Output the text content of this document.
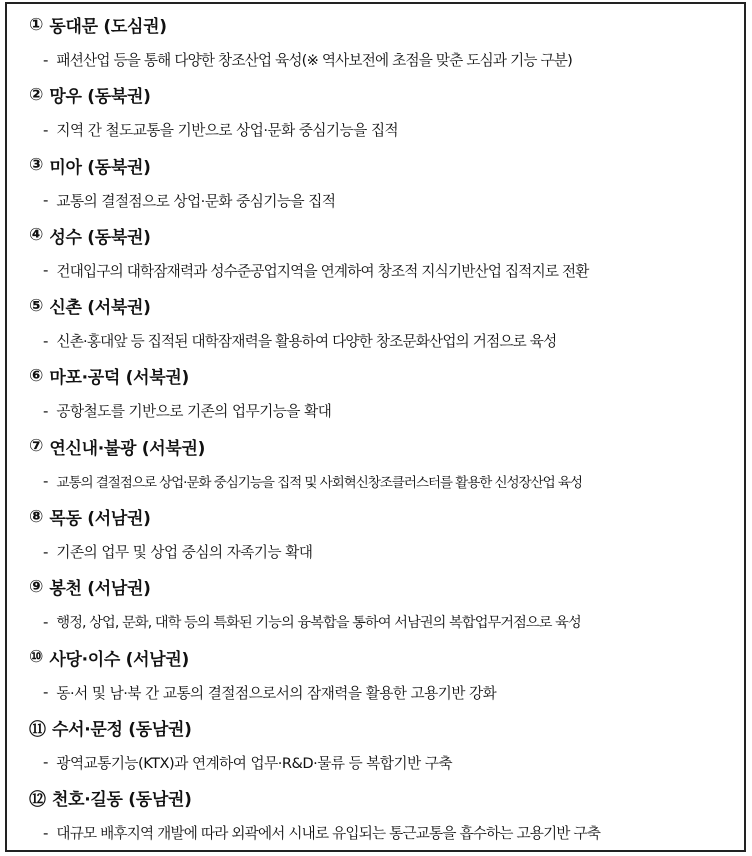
① 동대문 (도심권)
- 패션산업 등을 통해 다양한 창조산업 육성(※ 역사보전에 초점을 맞춘 도심과 기능 구분)
② 망우 (동북권)
- 지역 간 철도교통을 기반으로 상업·문화 중심기능을 집적
③ 미아 (동북권)
- 교통의 결절점으로 상업·문화 중심기능을 집적
④ 성수 (동북권)
- 건대입구의 대학잠재력과 성수준공업지역을 연계하여 창조적 지식기반산업 집적지로 전환
⑤ 신촌 (서북권)
- 신촌·홍대앞 등 집적된 대학잠재력을 활용하여 다양한 창조문화산업의 거점으로 육성
⑥ 마포·공덕 (서북권)
- 공항철도를 기반으로 기존의 업무기능을 확대
⑦ 연신내·불광 (서북권)
- 교통의 결절점으로 상업·문화 중심기능을 집적 및 사회혁신창조클러스터를 활용한 신성장산업 육성
⑧ 목동 (서남권)
- 기존의 업무 및 상업 중심의 자족기능 확대
⑨ 봉천 (서남권)
- 행정, 상업, 문화, 대학 등의 특화된 기능의 융복합을 통하여 서남권의 복합업무거점으로 육성
⑩ 사당·이수 (서남권)
- 동·서 및 남·북 간 교통의 결절점으로서의 잠재력을 활용한 고용기반 강화
⑪ 수서·문정 (동남권)
- 광역교통기능(KTX)과 연계하여 업무·R&D·물류 등 복합기반 구축
⑫ 천호·길동 (동남권)
- 대규모 배후지역 개발에 따라 외곽에서 시내로 유입되는 통근교통을 흡수하는 고용기반 구축
